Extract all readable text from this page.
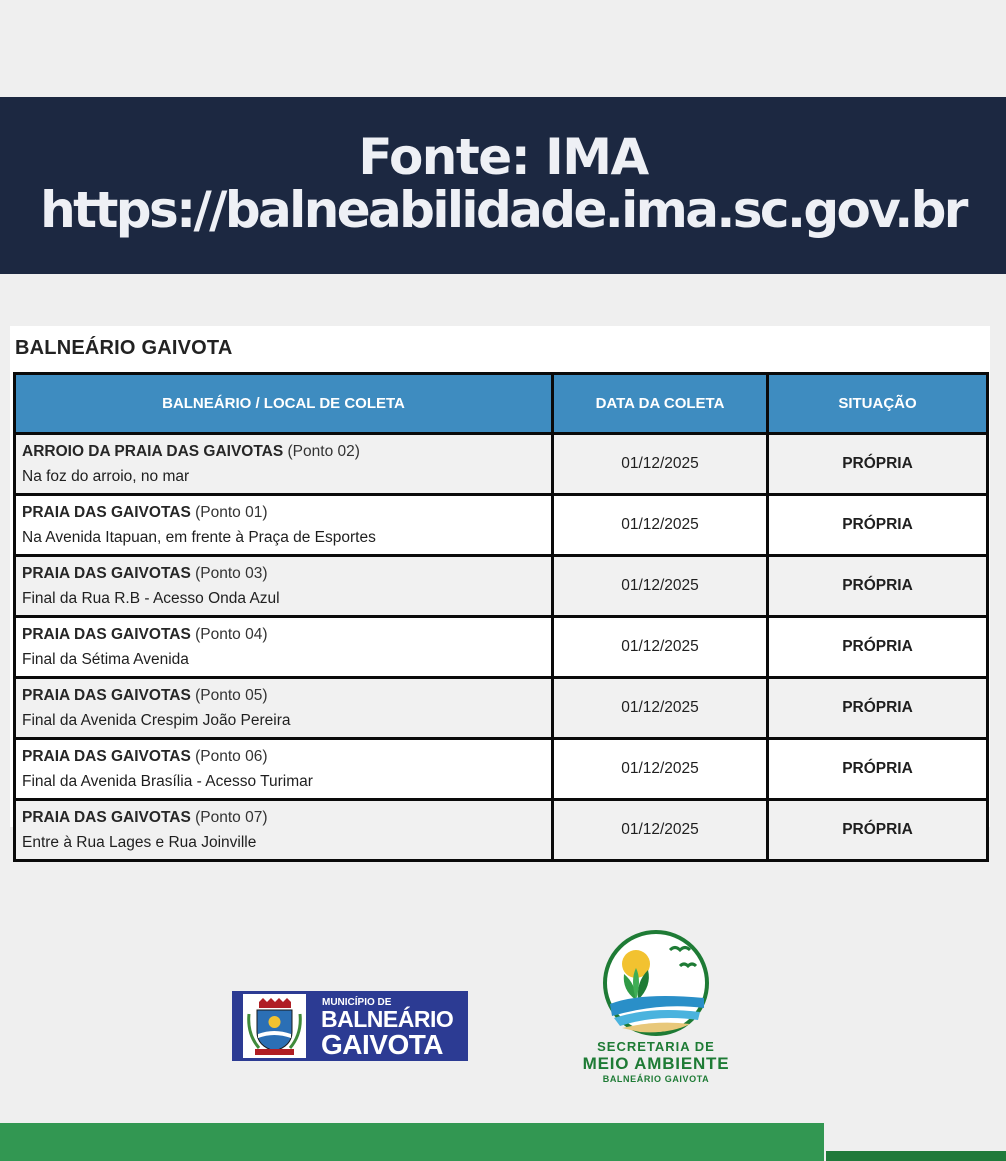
Fonte: IMA
https://balneabilidade.ima.sc.gov.br
BALNEÁRIO GAIVOTA
BALNEÁRIO / LOCAL DE COLETA	DATA DA COLETA	SITUAÇÃO
ARROIO DA PRAIA DAS GAIVOTAS (Ponto 02)
Na foz do arroio, no mar	01/12/2025	PRÓPRIA
PRAIA DAS GAIVOTAS (Ponto 01)
Na Avenida Itapuan, em frente à Praça de Esportes	01/12/2025	PRÓPRIA
PRAIA DAS GAIVOTAS (Ponto 03)
Final da Rua R.B - Acesso Onda Azul	01/12/2025	PRÓPRIA
PRAIA DAS GAIVOTAS (Ponto 04)
Final da Sétima Avenida	01/12/2025	PRÓPRIA
PRAIA DAS GAIVOTAS (Ponto 05)
Final da Avenida Crespim João Pereira	01/12/2025	PRÓPRIA
PRAIA DAS GAIVOTAS (Ponto 06)
Final da Avenida Brasília - Acesso Turimar	01/12/2025	PRÓPRIA
PRAIA DAS GAIVOTAS (Ponto 07)
Entre à Rua Lages e Rua Joinville	01/12/2025	PRÓPRIA
MUNICÍPIO DE
BALNEÁRIO
GAIVOTA	SECRETARIA DE
MEIO AMBIENTE
BALNEÁRIO GAIVOTA
